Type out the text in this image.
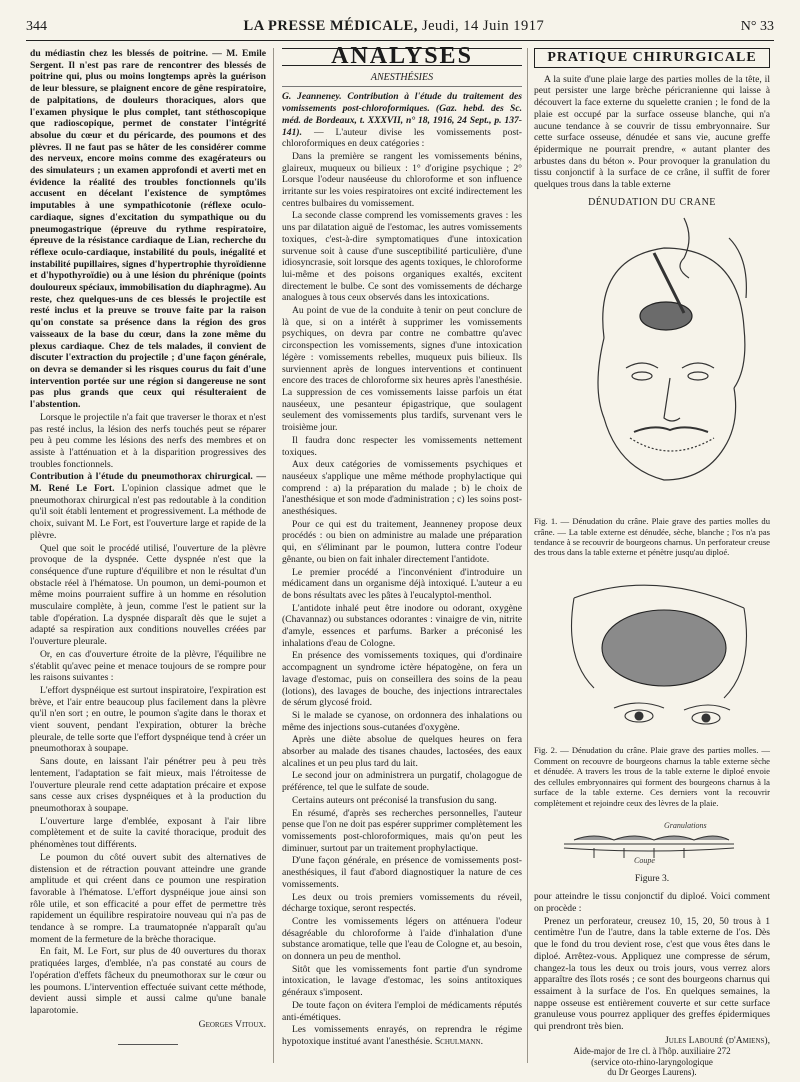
344	LA PRESSE MÉDICALE, Jeudi, 14 Juin 1917	N° 33

du médiastin chez les blessés de poitrine. — M. Emile Sergent. Il n'est pas rare de rencontrer des blessés de poitrine qui, plus ou moins longtemps après la guérison de leur blessure, se plaignent encore de gêne respiratoire, de palpitations, de douleurs thoraciques, alors que l'examen physique le plus complet, tant stéthoscopique que radioscopique, permet de constater l'intégrité absolue du cœur et du péricarde, des poumons et des plèvres. Il ne faut pas se hâter de les considérer comme des nerveux, encore moins comme des exagérateurs ou des simulateurs ; un examen approfondi et averti met en évidence la réalité des troubles fonctionnels qu'ils accusent en décelant l'existence de symptômes imputables à une sympathicotonie (réflexe oculo-cardiaque, signes d'excitation du sympathique ou du pneumogastrique (épreuve du rythme respiratoire, épreuve de la résistance cardiaque de Lian, recherche du réflexe oculo-cardiaque, instabilité du pouls, inégalité et instabilité pupillaires, signes d'hypertrophie thyroïdienne et d'hypothyroïdie) ou à une lésion du phrénique (points douloureux spéciaux, immobilisation du diaphragme). Au reste, chez quelques-uns de ces blessés le projectile est resté inclus et la preuve se trouve faite par la raison qu'on constate sa présence dans la région des gros vaisseaux de la base du cœur, dans la zone même du plexus cardiaque. Chez de tels malades, il convient de discuter l'extraction du projectile ; d'une façon générale, on devra se demander si les risques courus du fait d'une intervention portée sur une région si dangereuse ne sont pas plus grands que ceux qui résulteraient de l'abstention.

Lorsque le projectile n'a fait que traverser le thorax et n'est pas resté inclus, la lésion des nerfs touchés peut se réparer peu à peu comme les lésions des nerfs des membres et on assiste à l'atténuation et à la disparition progressives des troubles fonctionnels.

Contribution à l'étude du pneumothorax chirurgical. — M. René Le Fort. L'opinion classique admet que le pneumothorax chirurgical n'est pas redoutable à la condition qu'il soit établi lentement et progressivement. La méthode de choix, suivant M. Le Fort, est l'ouverture large et rapide de la plèvre.

Quel que soit le procédé utilisé, l'ouverture de la plèvre provoque de la dyspnée. Cette dyspnée n'est que la conséquence d'une rupture d'équilibre et non le résultat d'un obstacle réel à l'hématose. Un poumon, un demi-poumon et même moins pourraient suffire à un homme en résolution musculaire complète, à jeun, comme l'est le patient sur la table d'opération. La dyspnée disparaît dès que le sujet a adapté sa respiration aux conditions nouvelles créées par l'ouverture pleurale.

Or, en cas d'ouverture étroite de la plèvre, l'équilibre ne s'établit qu'avec peine et menace toujours de se rompre pour les raisons suivantes :

L'effort dyspnéique est surtout inspiratoire, l'expiration est brève, et l'air entre beaucoup plus facilement dans la plèvre qu'il n'en sort ; en outre, le poumon s'agite dans le thorax et vient souvent, pendant l'expiration, obturer la brèche pleurale, de telle sorte que l'effort dyspnéique tend à créer un pneumothorax à soupape.

Sans doute, en laissant l'air pénétrer peu à peu très lentement, l'adaptation se fait mieux, mais l'étroitesse de l'ouverture pleurale rend cette adaptation précaire et expose sans cesse aux crises dyspnéiques et à la production du pneumothorax à soupape.

L'ouverture large d'emblée, exposant à l'air libre complètement et de suite la cavité thoracique, produit des phénomènes tout différents.

Le poumon du côté ouvert subit des alternatives de distension et de rétraction pouvant atteindre une grande amplitude et qui créent dans ce poumon une respiration favorable à l'hématose. L'effort dyspnéique joue ainsi son rôle utile, et son efficacité a pour effet de permettre très rapidement un équilibre respiratoire nouveau qui n'a pas de tendance à se rompre. La traumatopnée n'apparaît qu'au moment de la fermeture de la brèche thoracique.

En fait, M. Le Fort, sur plus de 40 ouvertures du thorax pratiquées larges, d'emblée, n'a pas constaté au cours de l'opération d'effets fâcheux du pneumothorax sur le cœur ou les poumons. L'intervention effectuée suivant cette méthode, devient aussi simple et aussi calme qu'une banale laparotomie.

Georges Vitoux.
ANALYSES
ANESTHÉSIES

G. Jeanneney. Contribution à l'étude du traitement des vomissements post-chloroformiques. (Gaz. hebd. des Sc. méd. de Bordeaux, t. XXXVII, n° 18, 1916, 24 Sept., p. 137-141). — L'auteur divise les vomissements post-chloroformiques en deux catégories :

Dans la première se rangent les vomissements bénins, glaireux, muqueux ou bilieux : 1° d'origine psychique ; 2° Lorsque l'odeur nauséeuse du chloroforme et son influence irritante sur les voies respiratoires ont excité indirectement les centres bulbaires du vomissement.

La seconde classe comprend les vomissements graves : les uns par dilatation aiguë de l'estomac, les autres vomissements toxiques, c'est-à-dire symptomatiques d'une intoxication survenue soit à cause d'une susceptibilité particulière, d'une idiosyncrasie, soit lorsque des agents toxiques, le chloroforme lui-même et des poisons organiques exaltés, excitent directement le bulbe. Ce sont des vomissements de décharge analogues à tous ceux observés dans les intoxications.

Au point de vue de la conduite à tenir on peut conclure de là que, si on a intérêt à supprimer les vomissements psychiques, on devra par contre ne combattre qu'avec circonspection les vomissements, signes d'une intoxication légère : vomissements rebelles, muqueux puis bilieux. Ils surviennent après de longues interventions et continuent encore des traces de chloroforme six heures après l'anesthésie. La suppression de ces vomissements laisse parfois un état nauséeux, une pesanteur épigastrique, que soulagent seulement des vomissements plus tardifs, survenant vers le troisième jour.

Il faudra donc respecter les vomissements nettement toxiques.

Aux deux catégories de vomissements psychiques et nauséeux s'applique une même méthode prophylactique qui comprend : a) la préparation du malade ; b) le choix de l'anesthésique et son mode d'administration ; c) les soins post-anesthésiques.

Pour ce qui est du traitement, Jeanneney propose deux procédés : ou bien on administre au malade une préparation qui, en s'éliminant par le poumon, luttera contre l'odeur gênante, ou bien on fait inhaler directement l'antidote.

Le premier procédé a l'inconvénient d'introduire un médicament dans un organisme déjà intoxiqué. L'auteur a eu de bons résultats avec les pâtes à l'eucalyptol-menthol.

L'antidote inhalé peut être inodore ou odorant, oxygène (Chavannaz) ou substances odorantes : vinaigre de vin, nitrite d'amyle, essences et parfums. Barker a préconisé les inhalations d'eau de Cologne.

En présence des vomissements toxiques, qui d'ordinaire accompagnent un syndrome ictère hépatogène, on fera un lavage d'estomac, puis on conseillera des soins de la peau (lotions), des lavages de bouche, des injections intrarectales de sérum glycosé froid.

Si le malade se cyanose, on ordonnera des inhalations ou même des injections sous-cutanées d'oxygène.

Après une diète absolue de quelques heures on fera absorber au malade des tisanes chaudes, lactosées, des eaux alcalines et un peu plus tard du lait.

Le second jour on administrera un purgatif, cholagogue de préférence, tel que le sulfate de soude.

Certains auteurs ont préconisé la transfusion du sang.

En résumé, d'après ses recherches personnelles, l'auteur pense que l'on ne doit pas espérer supprimer complètement les vomissements post-chloroformiques, mais qu'on peut les diminuer, surtout par un traitement prophylactique.

D'une façon générale, en présence de vomissements post-anesthésiques, il faut d'abord diagnostiquer la nature de ces vomissements.

Les deux ou trois premiers vomissements du réveil, décharge toxique, seront respectés.

Contre les vomissements légers on atténuera l'odeur désagréable du chloroforme à l'aide d'inhalation d'une substance aromatique, telle que l'eau de Cologne et, au besoin, on donnera un peu de menthol.

Sitôt que les vomissements font partie d'un syndrome intoxication, le lavage d'estomac, les soins antitoxiques généraux s'imposent.

De toute façon on évitera l'emploi de médicaments réputés anti-émétiques.

Les vomissements enrayés, on reprendra le régime hypotoxique institué avant l'anesthésie. Schulmann.

PRATIQUE CHIRURGICALE

A la suite d'une plaie large des parties molles de la tête, il peut persister une large brèche péricranienne qui laisse à découvert la face externe du squelette cranien ; le fond de la plaie est occupé par la surface osseuse blanche, qui n'a aucune tendance à se couvrir de tissu embryonnaire. Sur cette surface osseuse, dénudée et sans vie, aucune greffe épidermique ne pourrait prendre, « autant planter des arbustes dans du béton ». Pour provoquer la granulation du tissu conjonctif à la surface de ce crâne, il suffit de forer quelques trous dans la table externe

DÉNUDATION DU CRANE

Fig. 1. — Dénudation du crâne. Plaie grave des parties molles du crâne. — La table externe est dénudée, sèche, blanche ; l'os n'a pas tendance à se recouvrir de bourgeons charnus. Un perforateur creuse des trous dans la table externe et pénètre jusqu'au diploé.

Fig. 2. — Dénudation du crâne. Plaie grave des parties molles. — Comment on recouvre de bourgeons charnus la table externe sèche et dénudée. A travers les trous de la table externe le diploé envoie des cellules embryonnaires qui forment des bourgeons charnus à la surface de la table externe. Ces derniers vont la recouvrir complètement et rejoindre ceux des lèvres de la plaie.

Granulations
Coupe
Figure 3.

pour atteindre le tissu conjonctif du diploé. Voici comment on procède :

Prenez un perforateur, creusez 10, 15, 20, 50 trous à 1 centimètre l'un de l'autre, dans la table externe de l'os. Dès que le fond du trou devient rose, c'est que vous êtes dans le diploé. Arrêtez-vous. Appliquez une compresse de sérum, changez-la tous les deux ou trois jours, vous verrez alors apparaître des îlots rosés ; ce sont des bourgeons charnus qui essaiment à la surface de l'os. En quelques semaines, la nappe osseuse est entièrement couverte et sur cette surface granuleuse vous pourrez appliquer des greffes épidermiques qui prendront très bien.

Jules Labouré (d'Amiens),
Aide-major de 1re cl. à l'hôp. auxiliaire 272
(service oto-rhino-laryngologique
du Dr Georges Laurens).
